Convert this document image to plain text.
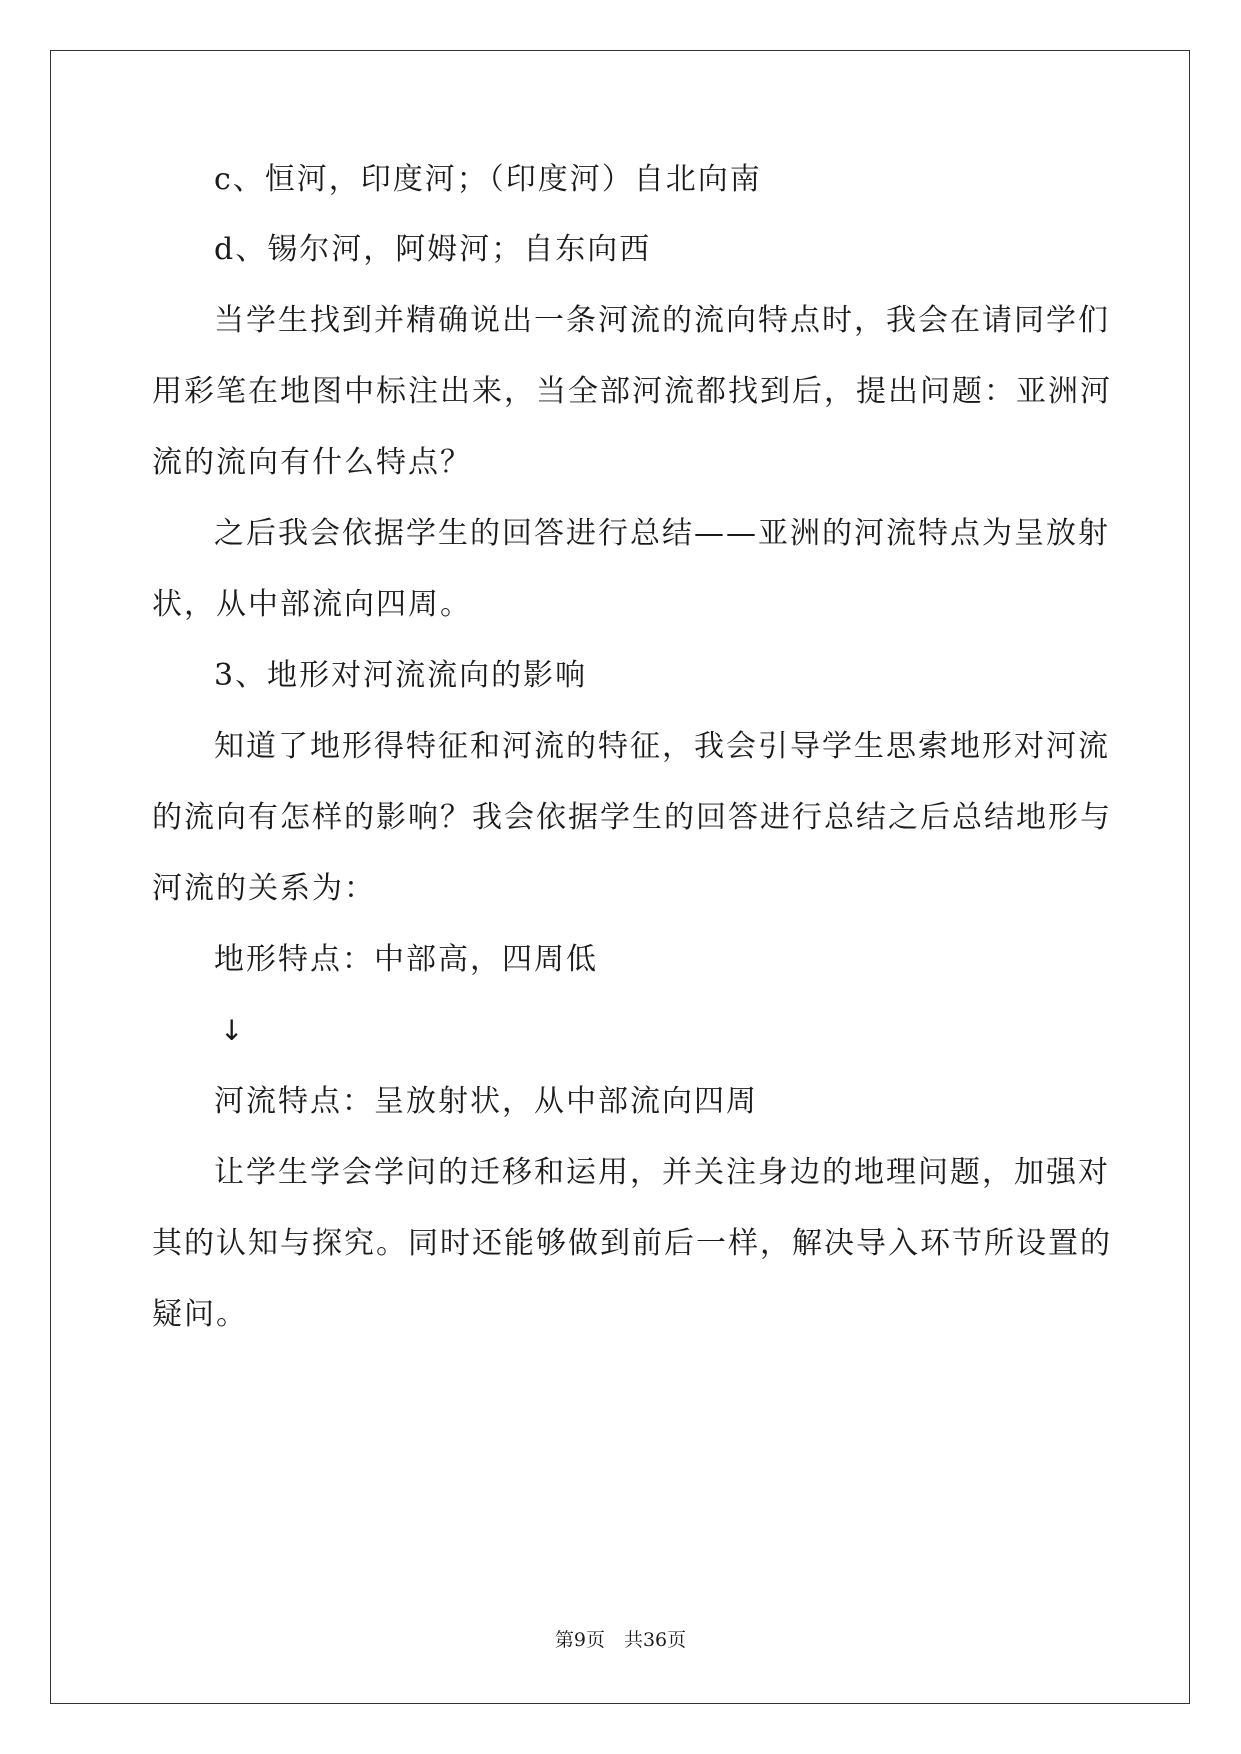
c、恒河，印度河；（印度河）自北向南
d、锡尔河，阿姆河；自东向西
当学生找到并精确说出一条河流的流向特点时，我会在请同学们
用彩笔在地图中标注出来，当全部河流都找到后，提出问题：亚洲河
流的流向有什么特点？
之后我会依据学生的回答进行总结——亚洲的河流特点为呈放射
状，从中部流向四周。
3、地形对河流流向的影响
知道了地形得特征和河流的特征，我会引导学生思索地形对河流
的流向有怎样的影响？我会依据学生的回答进行总结之后总结地形与
河流的关系为：
地形特点：中部高，四周低
↓
河流特点：呈放射状，从中部流向四周
让学生学会学问的迁移和运用，并关注身边的地理问题，加强对
其的认知与探究。同时还能够做到前后一样，解决导入环节所设置的
疑问。
第9页　共36页
